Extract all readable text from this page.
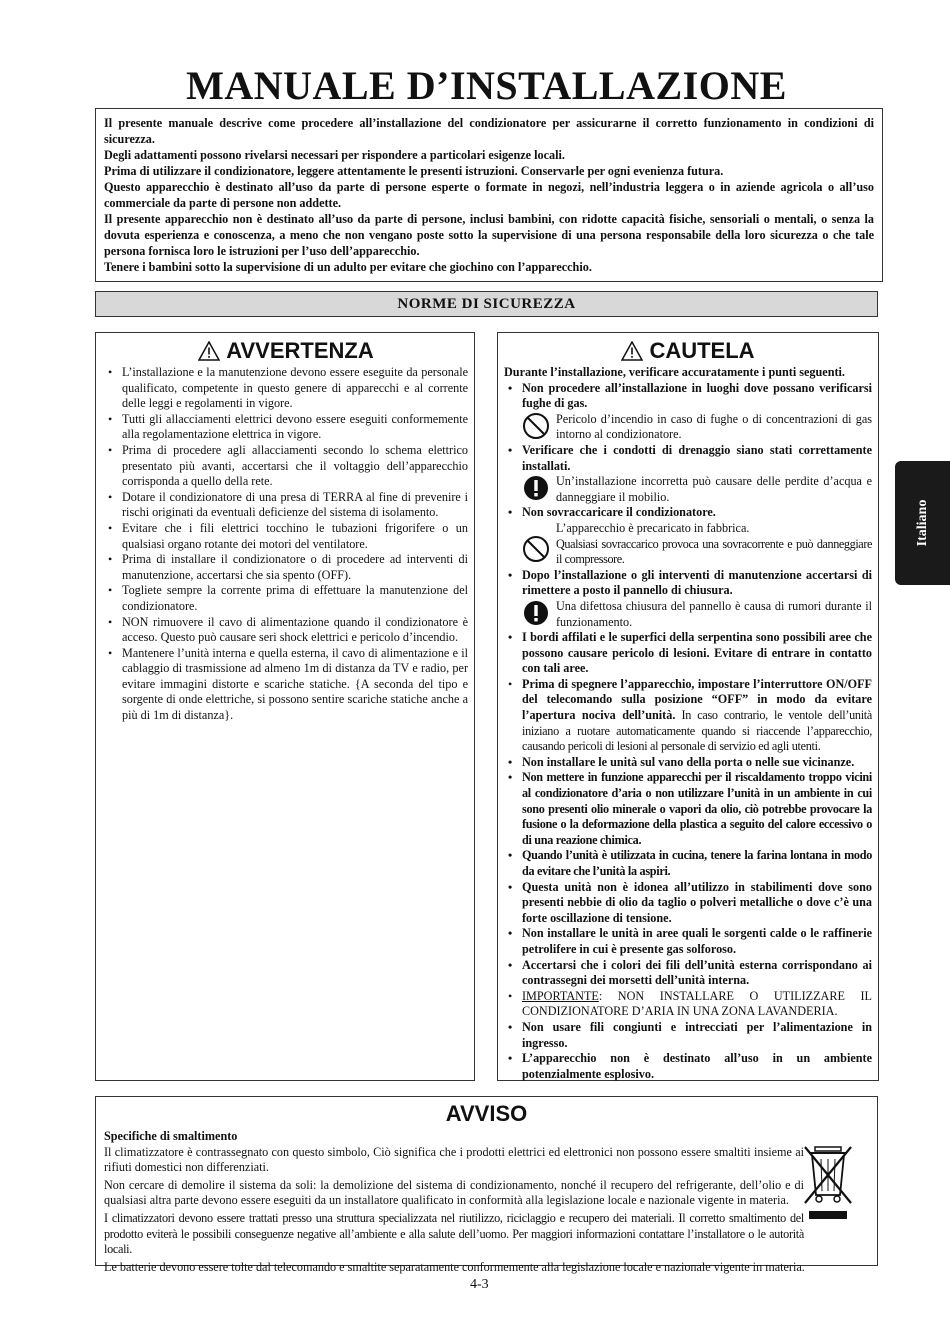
MANUALE D’INSTALLAZIONE

Il presente manuale descrive come procedere all’installazione del condizionatore per assicurarne il corretto funzionamento in condizioni di sicurezza.

Degli adattamenti possono rivelarsi necessari per rispondere a particolari esigenze locali.

Prima di utilizzare il condizionatore, leggere attentamente le presenti istruzioni. Conservarle per ogni evenienza futura.

Questo apparecchio è destinato all’uso da parte di persone esperte o formate in negozi, nell’industria leggera o in aziende agricola o all’uso commerciale da parte di persone non addette.

Il presente apparecchio non è destinato all’uso da parte di persone, inclusi bambini, con ridotte capacità fisiche, sensoriali o mentali, o senza la dovuta esperienza e conoscenza, a meno che non vengano poste sotto la supervisione di una persona responsabile della loro sicurezza o che tale persona fornisca loro le istruzioni per l’uso dell’apparecchio.

Tenere i bambini sotto la supervisione di un adulto per evitare che giochino con l’apparecchio.

NORME DI SICUREZZA
AVVERTENZA
• L’installazione e la manutenzione devono essere eseguite da personale qualificato, competente in questo genere di apparecchi e al corrente delle leggi e regolamenti in vigore.
• Tutti gli allacciamenti elettrici devono essere eseguiti conformemente alla regolamentazione elettrica in vigore.
• Prima di procedere agli allacciamenti secondo lo schema elettrico presentato più avanti, accertarsi che il voltaggio dell’apparecchio corrisponda a quello della rete.
• Dotare il condizionatore di una presa di TERRA al fine di prevenire i rischi originati da eventuali deficienze del sistema di isolamento.
• Evitare che i fili elettrici tocchino le tubazioni frigorifere o un qualsiasi organo rotante dei motori del ventilatore.
• Prima di installare il condizionatore o di procedere ad interventi di manutenzione, accertarsi che sia spento (OFF).
• Togliete sempre la corrente prima di effettuare la manutenzione del condizionatore.
• NON rimuovere il cavo di alimentazione quando il condizionatore è acceso. Questo può causare seri shock elettrici e pericolo d’incendio.
• Mantenere l’unità interna e quella esterna, il cavo di alimentazione e il cablaggio di trasmissione ad almeno 1m di distanza da TV e radio, per evitare immagini distorte e scariche statiche. {A seconda del tipo e sorgente di onde elettriche, si possono sentire scariche statiche anche a più di 1m di distanza}.
CAUTELA
Durante l’installazione, verificare accuratamente i punti seguenti.
• Non procedere all’installazione in luoghi dove possano verificarsi fughe di gas.
Pericolo d’incendio in caso di fughe o di concentrazioni di gas intorno al condizionatore.
• Verificare che i condotti di drenaggio siano stati correttamente installati.
Un’installazione incorretta può causare delle perdite d’acqua e danneggiare il mobilio.
• Non sovraccaricare il condizionatore.
L’apparecchio è precaricato in fabbrica.
Qualsiasi sovraccarico provoca una sovracorrente e può danneggiare il compressore.
• Dopo l’installazione o gli interventi di manutenzione accertarsi di rimettere a posto il pannello di chiusura.
Una difettosa chiusura del pannello è causa di rumori durante il funzionamento.
• I bordi affilati e le superfici della serpentina sono possibili aree che possono causare pericolo di lesioni. Evitare di entrare in contatto con tali aree.
• Prima di spegnere l’apparecchio, impostare l’interruttore ON/OFF del telecomando sulla posizione “OFF” in modo da evitare l’apertura nociva dell’unità. In caso contrario, le ventole dell’unità iniziano a ruotare automaticamente quando si riaccende l’apparecchio, causando pericoli di lesioni al personale di servizio ed agli utenti.
• Non installare le unità sul vano della porta o nelle sue vicinanze.
• Non mettere in funzione apparecchi per il riscaldamento troppo vicini al condizionatore d’aria o non utilizzare l’unità in un ambiente in cui sono presenti olio minerale o vapori da olio, ciò potrebbe provocare la fusione o la deformazione della plastica a seguito del calore eccessivo o di una reazione chimica.
• Quando l’unità è utilizzata in cucina, tenere la farina lontana in modo da evitare che l’unità la aspiri.
• Questa unità non è idonea all’utilizzo in stabilimenti dove sono presenti nebbie di olio da taglio o polveri metalliche o dove c’è una forte oscillazione di tensione.
• Non installare le unità in aree quali le sorgenti calde o le raffinerie petrolifere in cui è presente gas solforoso.
• Accertarsi che i colori dei fili dell’unità esterna corrispondano ai contrassegni dei morsetti dell’unità interna.
• IMPORTANTE: NON INSTALLARE O UTILIZZARE IL CONDIZIONATORE D’ARIA IN UNA ZONA LAVANDERIA.
• Non usare fili congiunti e intrecciati per l’alimentazione in ingresso.
• L’apparecchio non è destinato all’uso in un ambiente potenzialmente esplosivo.
AVVISO
Specifiche di smaltimento

Il climatizzatore è contrassegnato con questo simbolo, Ciò significa che i prodotti elettrici ed elettronici non possono essere smaltiti insieme ai rifiuti domestici non differenziati.

Non cercare di demolire il sistema da soli: la demolizione del sistema di condizionamento, nonché il recupero del refrigerante, dell’olio e di qualsiasi altra parte devono essere eseguiti da un installatore qualificato in conformità alla legislazione locale e nazionale vigente in materia.

I climatizzatori devono essere trattati presso una struttura specializzata nel riutilizzo, riciclaggio e recupero dei materiali. Il corretto smaltimento del prodotto eviterà le possibili conseguenze negative all’ambiente e alla salute dell’uomo. Per maggiori informazioni contattare l’installatore o le autorità locali.

Le batterie devono essere tolte dal telecomando e smaltite separatamente conformemente alla legislazione locale e nazionale vigente in materia.

Italiano
4-3
